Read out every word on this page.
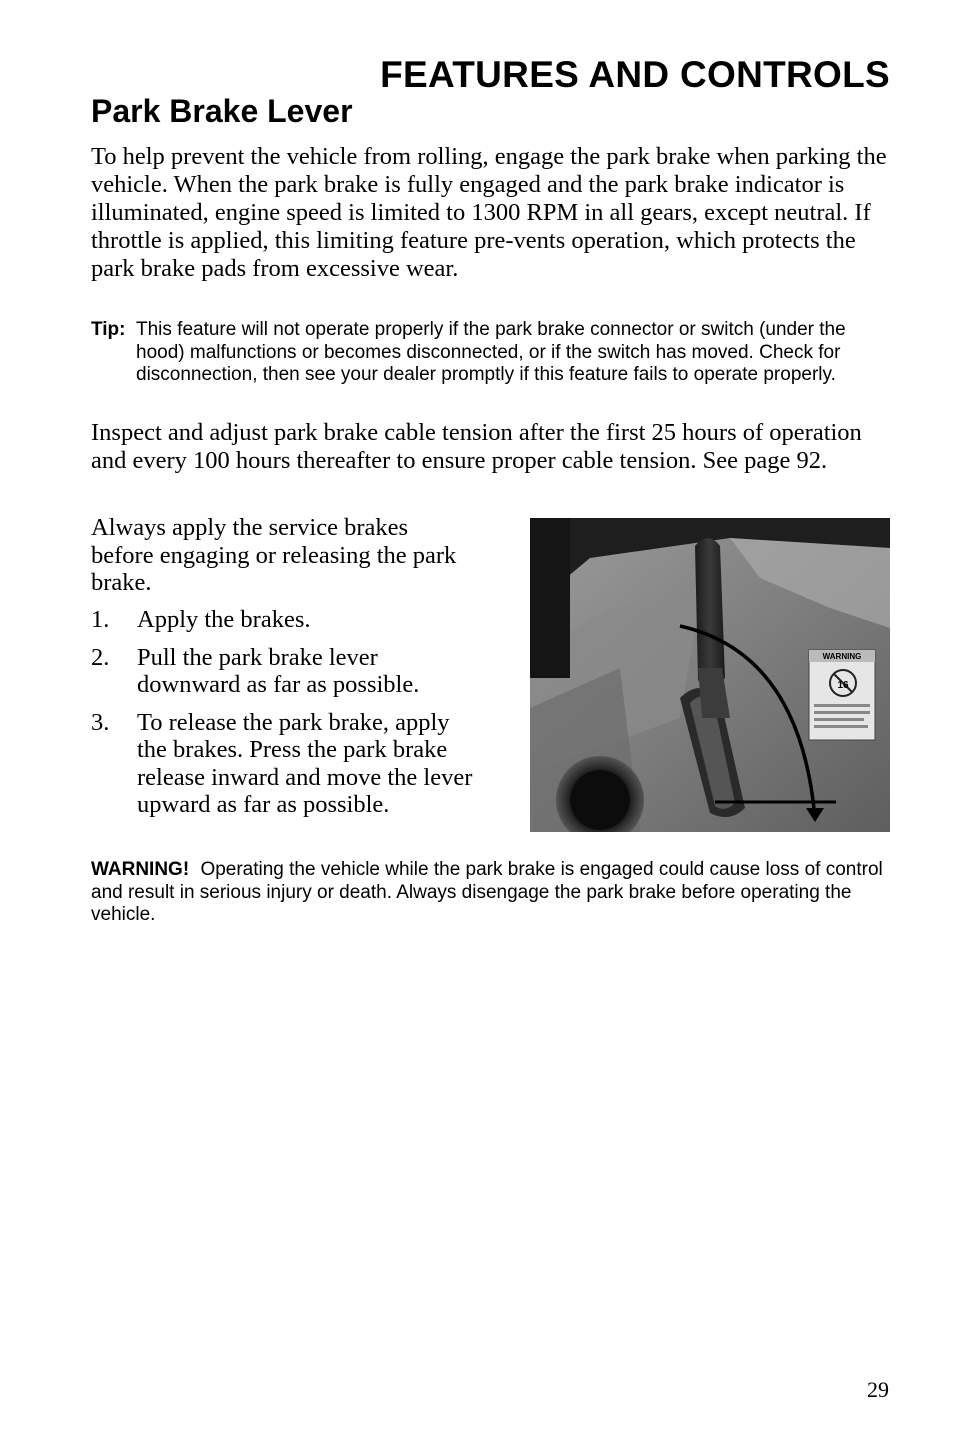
FEATURES AND CONTROLS
Park Brake Lever

To help prevent the vehicle from rolling, engage the park brake when parking the vehicle. When the park brake is fully engaged and the park brake indicator is illuminated, engine speed is limited to 1300 RPM in all gears, except neutral. If throttle is applied, this limiting feature pre-vents operation, which protects the park brake pads from excessive wear.

Tip: This feature will not operate properly if the park brake connector or switch (under the hood) malfunctions or becomes disconnected, or if the switch has moved. Check for disconnection, then see your dealer promptly if this feature fails to operate properly.

Inspect and adjust park brake cable tension after the first 25 hours of operation and every 100 hours thereafter to ensure proper cable tension. See page 92.

Always apply the service brakes before engaging or releasing the park brake.

1. Apply the brakes.
2. Pull the park brake lever downward as far as possible.
3. To release the park brake, apply the brakes. Press the park brake release inward and move the lever upward as far as possible.
WARNING
16

WARNING! Operating the vehicle while the park brake is engaged could cause loss of control and result in serious injury or death. Always disengage the park brake before operating the vehicle.

29
